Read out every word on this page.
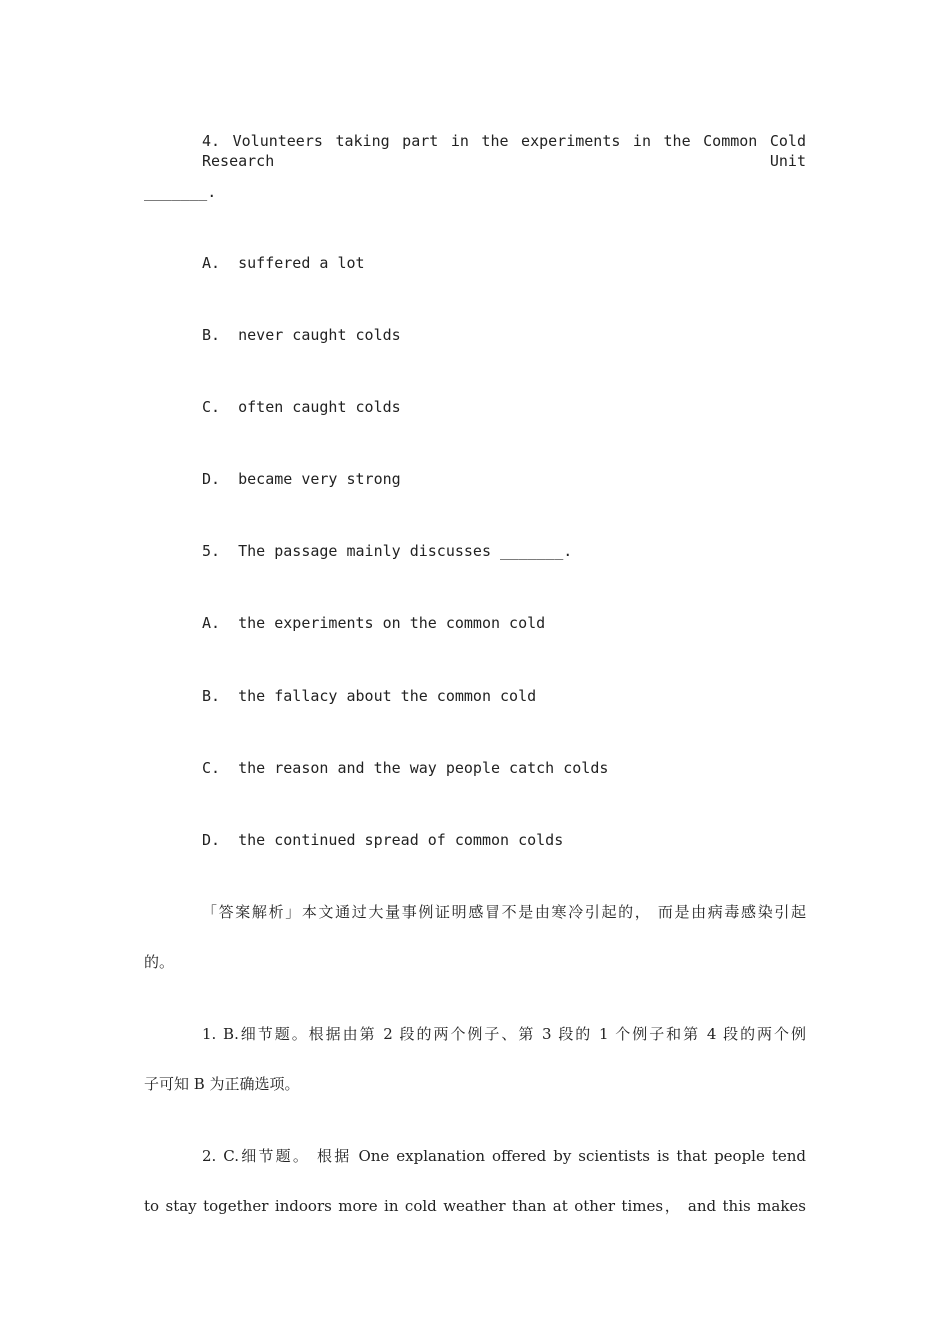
4. Volunteers taking part in the experiments in the Common Cold Research Unit
_______.
A.  suffered a lot
B.  never caught colds
C.  often caught colds
D.  became very strong
5.  The passage mainly discusses _______.
A.  the experiments on the common cold
B.  the fallacy about the common cold
C.  the reason and the way people catch colds
D.  the continued spread of common colds
「答案解析」本文通过大量事例证明感冒不是由寒冷引起的， 而是由病毒感染引起
的。
1. B.细节题。根据由第 2 段的两个例子、第 3 段的 1 个例子和第 4 段的两个例
子可知 B 为正确选项。
2. C.细节题。 根据 One explanation offered by scientists is that people tend
to stay together indoors more in cold weather than at other times， and this makes
